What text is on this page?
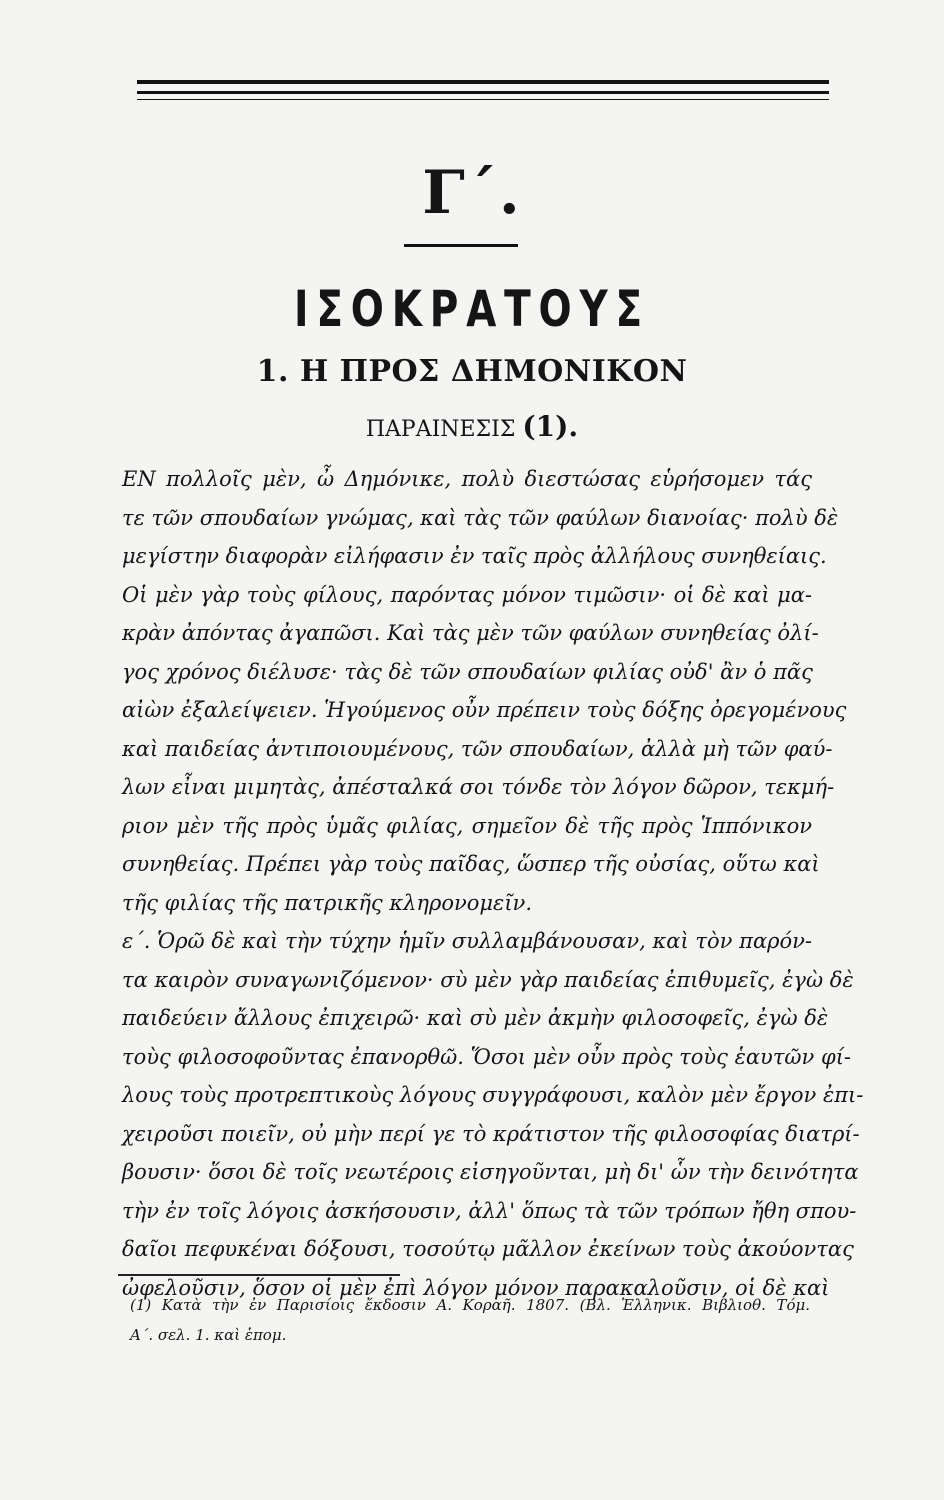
Γ΄.
ΙΣΟΚΡΑΤΟΥΣ
1. Η ΠΡΟΣ ΔΗΜΟΝΙΚΟΝ
ΠΑΡΑΙΝΕΣΙΣ (1).
ΕΝ πολλοῖς μὲν, ὦ Δημόνικε, πολὺ διεστώσας εὑρήσομεν τάς
τε τῶν σπουδαίων γνώμας, καὶ τὰς τῶν φαύλων διανοίας· πολὺ δὲ
μεγίστην διαφορὰν εἰλήφασιν ἐν ταῖς πρὸς ἀλλήλους συνηθείαις.
Οἱ μὲν γὰρ τοὺς φίλους, παρόντας μόνον τιμῶσιν· οἱ δὲ καὶ μα-
κρὰν ἀπόντας ἀγαπῶσι. Καὶ τὰς μὲν τῶν φαύλων συνηθείας ὀλί-
γος χρόνος διέλυσε· τὰς δὲ τῶν σπουδαίων φιλίας οὐδ' ἂν ὁ πᾶς
αἰὼν ἐξαλείψειεν. Ἡγούμενος οὖν πρέπειν τοὺς δόξης ὀρεγομένους
καὶ παιδείας ἀντιποιουμένους, τῶν σπουδαίων, ἀλλὰ μὴ τῶν φαύ-
λων εἶναι μιμητὰς, ἀπέσταλκά σοι τόνδε τὸν λόγον δῶρον, τεκμή-
ριον μὲν τῆς πρὸς ὑμᾶς φιλίας, σημεῖον δὲ τῆς πρὸς Ἱππόνικον
συνηθείας. Πρέπει γὰρ τοὺς παῖδας, ὥσπερ τῆς οὐσίας, οὕτω καὶ
τῆς φιλίας τῆς πατρικῆς κληρονομεῖν.
ε΄. Ὁρῶ δὲ καὶ τὴν τύχην ἡμῖν συλλαμβάνουσαν, καὶ τὸν παρόν-
τα καιρὸν συναγωνιζόμενον· σὺ μὲν γὰρ παιδείας ἐπιθυμεῖς, ἐγὼ δὲ
παιδεύειν ἄλλους ἐπιχειρῶ· καὶ σὺ μὲν ἀκμὴν φιλοσοφεῖς, ἐγὼ δὲ
τοὺς φιλοσοφοῦντας ἐπανορθῶ. Ὅσοι μὲν οὖν πρὸς τοὺς ἑαυτῶν φί-
λους τοὺς προτρεπτικοὺς λόγους συγγράφουσι, καλὸν μὲν ἔργον ἐπι-
χειροῦσι ποιεῖν, οὐ μὴν περί γε τὸ κράτιστον τῆς φιλοσοφίας διατρί-
βουσιν· ὅσοι δὲ τοῖς νεωτέροις εἰσηγοῦνται, μὴ δι' ὧν τὴν δεινότητα
τὴν ἐν τοῖς λόγοις ἀσκήσουσιν, ἀλλ' ὅπως τὰ τῶν τρόπων ἤθη σπου-
δαῖοι πεφυκέναι δόξουσι, τοσούτῳ μᾶλλον ἐκείνων τοὺς ἀκούοντας
ὠφελοῦσιν, ὅσον οἱ μὲν ἐπὶ λόγον μόνον παρακαλοῦσιν, οἱ δὲ καὶ
(1) Κατὰ τὴν ἐν Παρισίοις ἔκδοσιν Α. Κοραῆ. 1807. (Βλ. Ἑλληνικ. Βιβλιοθ. Τόμ.
Α΄. σελ. 1. καὶ ἑπομ.
